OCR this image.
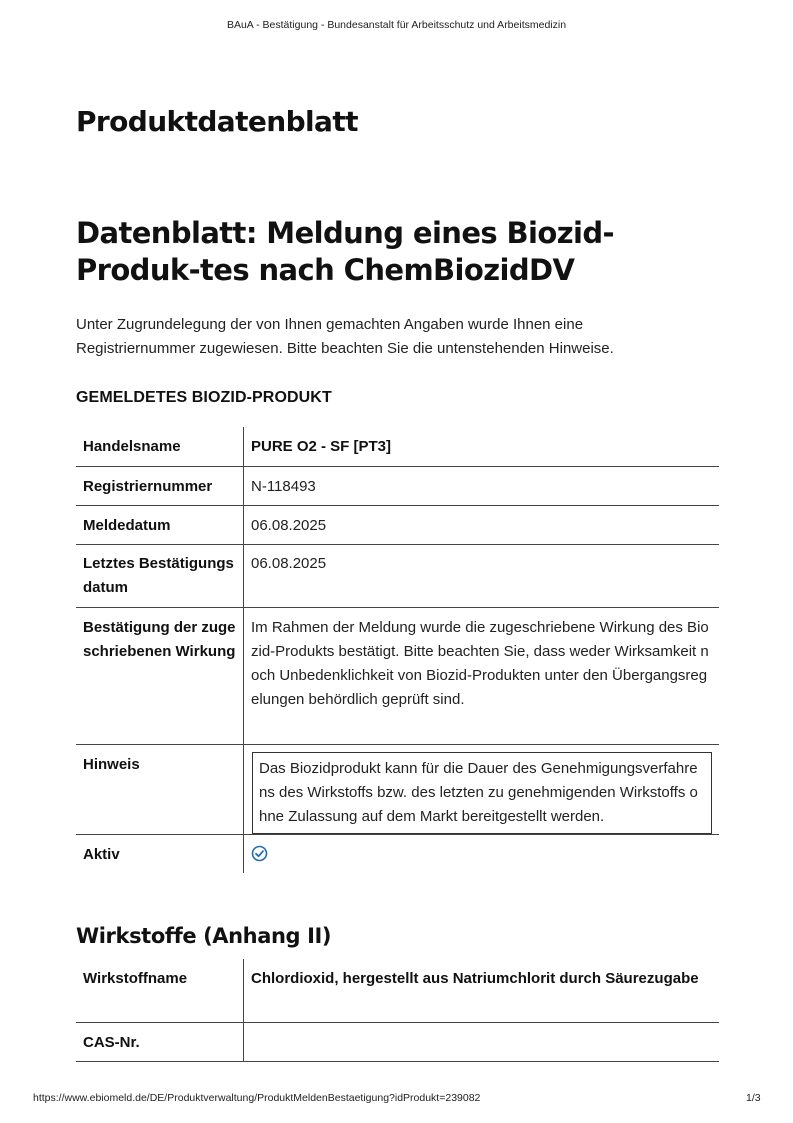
BAuA - Bestätigung - Bundesanstalt für Arbeitsschutz und Arbeitsmedizin
Produktdatenblatt
Datenblatt: Meldung eines Biozid-Produk-tes nach ChemBiozidDV
Unter Zugrundelegung der von Ihnen gemachten Angaben wurde Ihnen eine
Registriernummer zugewiesen. Bitte beachten Sie die untenstehenden Hinweise.
GEMELDETES BIOZID-PRODUKT
Handelsname	PURE O2 - SF [PT3]
Registriernummer	N-118493
Meldedatum	06.08.2025
Letztes Bestätigungsdatum	06.08.2025
Bestätigung der zugeschriebenen Wirkung	Im Rahmen der Meldung wurde die zugeschriebene Wirkung des Biozid-Produkts bestätigt. Bitte beachten Sie, dass weder Wirksamkeit noch Unbedenklichkeit von Biozid-Produkten unter den Übergangsregelungen behördlich geprüft sind.
Hinweis	Das Biozidprodukt kann für die Dauer des Genehmigungsverfahrens des Wirkstoffs bzw. des letzten zu genehmigenden Wirkstoffs ohne Zulassung auf dem Markt bereitgestellt werden.

Aktiv	
Wirkstoffe (Anhang II)
Wirkstoffname	Chlordioxid, hergestellt aus Natriumchlorit durch Säurezugabe
CAS-Nr.	
https://www.ebiomeld.de/DE/Produktverwaltung/ProduktMeldenBestaetigung?idProdukt=239082	1/3
